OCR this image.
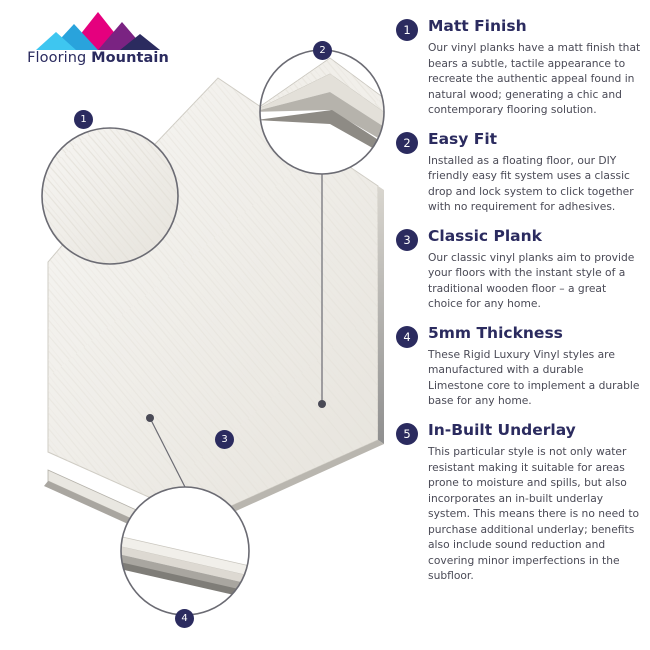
Flooring Mountain
1
2
3
4
1	Matt Finish

Our vinyl planks have a matt finish that bears a subtle, tactile appearance to recreate the authentic appeal found in natural wood; generating a chic and contemporary flooring solution.

2	Easy Fit

Installed as a floating floor, our DIY friendly easy fit system uses a classic drop and lock system to click together with no requirement for adhesives.

3	Classic Plank

Our classic vinyl planks aim to provide your floors with the instant style of a traditional wooden floor – a great choice for any home.

4	5mm Thickness

These Rigid Luxury Vinyl styles are manufactured with a durable Limestone core to implement a durable base for any home.

5	In-Built Underlay

This particular style is not only water resistant making it suitable for areas prone to moisture and spills, but also incorporates an in-built underlay system. This means there is no need to purchase additional underlay; benefits also include sound reduction and covering minor imperfections in the subfloor.
